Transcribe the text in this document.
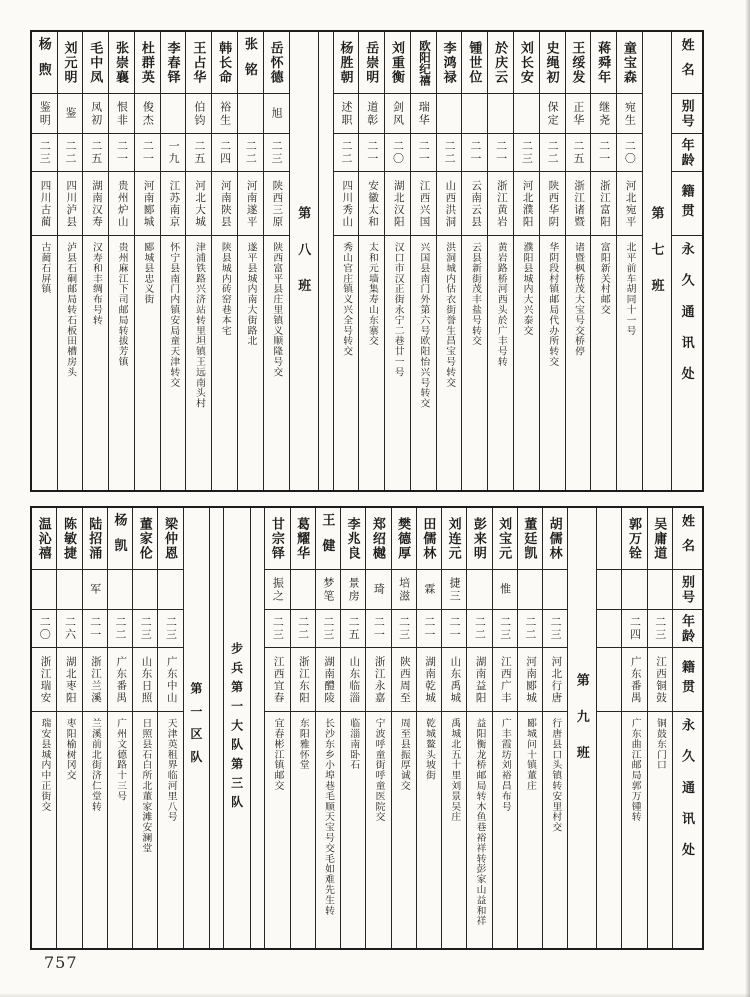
姓名
别号
年龄
籍贯
永久通讯处
第七班
童宝森
宛生
二〇
河北宛平
北平前车胡同十一号
蒋舜年
继尧
二一
浙江富阳
富阳新关村邮交
王绥发
正华
二五
浙江诸暨
诸暨枫桥茂大宝号交桥停
史绳初
保定
二二
陕西华阴
华阴段村镇邮局代办所转交
刘长安
二三
河北濮阳
濮阳县城内大兴泰交
於庆云
二一
浙江黄岩
黄岩路桥河西头於广丰号转
锺世位
二一
云南云县
云县新街茂丰盐号转交
李鸿禄
二二
山西洪洞
洪洞城内估衣街誉生昌宝号转交
欧阳纪禧
瑞华
二一
江西兴国
兴国县南门外第六号欧阳怡兴号转交
刘重衡
剑风
二〇
湖北汉阳
汉口市汉正街永宁二巷廿一号
岳崇明
道彰
二一
安徽太和
太和元墙集寿山东寨交
杨胜朝
述职
二二
四川秀山
秀山官庄镇义兴全号转交
第八班
岳怀德
旭
二三
陕西三原
陕西富平县庄里镇义顺隆号交
张铭
二二
河南遂平
遂平县城内南大街路北
韩长命
裕生
二四
河南陕县
陕县城内砖窑巷本宅
王占华
伯钧
二五
河北大城
津浦铁路兴济站转里坦镇王远南头村
李春铎
一九
江苏南京
怀宁县南门内镇安局童天津转交
杜群英
俊杰
二一
河南郾城
郾城县忠义街
张崇襄
恨非
二一
贵州炉山
贵州麻江下司邮局转拔芳镇
毛中凤
凤初
二五
湖南汉寿
汉寿和丰绸布号转
刘元明
鉴
二二
四川泸县
泸县石硐邮局转石板田槽房头
杨煦
鉴明
二三
四川古蔺
古蔺石屏镇
姓名
别号
年龄
籍贯
永久通讯处
吴庸道
二三
江西铜鼓
铜鼓东门口
郭万铨
二四
广东番禺
广东曲江邮局郭万锺转
第九班
胡儒林
二三
河北行唐
行唐县口头镇转安里村交
董廷凯
二二
河南郾城
郾城问十镇董庄
刘宝元
惟
二三
江西广丰
广丰霞坊刘裕昌布号
彭来明
二二
湖南益阳
益阳衡龙桥邮局转木鱼巷裕祥转彭家山益和祥
刘连元
捷三
二一
山东禹城
禹城北五十里刘景吴庄
田儒林
霖
二一
湖南乾城
乾城鳌头坡街
樊德厚
培滋
二三
陕西周至
周至县振厚诚交
郑绍樾
琦
二一
浙江永嘉
宁波呼童街呼童医院交
李兆良
景房
二五
山东临淄
临淄南卧石
王健
梦笔
二三
湖南醴陵
长沙东乡小埠巷毛顺天宝号交毛如难先生转
葛耀华
二二
浙江东阳
东阳雅怀堂
甘宗铎
振之
二三
江西宜春
宜春彬江镇邮交
步兵第一大队第三队
第一区队
梁仲恩
二三
广东中山
天津英租界临河里八号
董家伦
二三
山东日照
日照县石白所北董家滩安澜堂
杨凯
二二
广东番禺
广州文德路十三号
陆招涌
军
二一
浙江兰溪
兰溪前北街济仁堂转
陈敏捷
二六
湖北枣阳
枣阳榆树冈交
温沁禧
二〇
浙江瑞安
瑞安县城内中正街交
757
